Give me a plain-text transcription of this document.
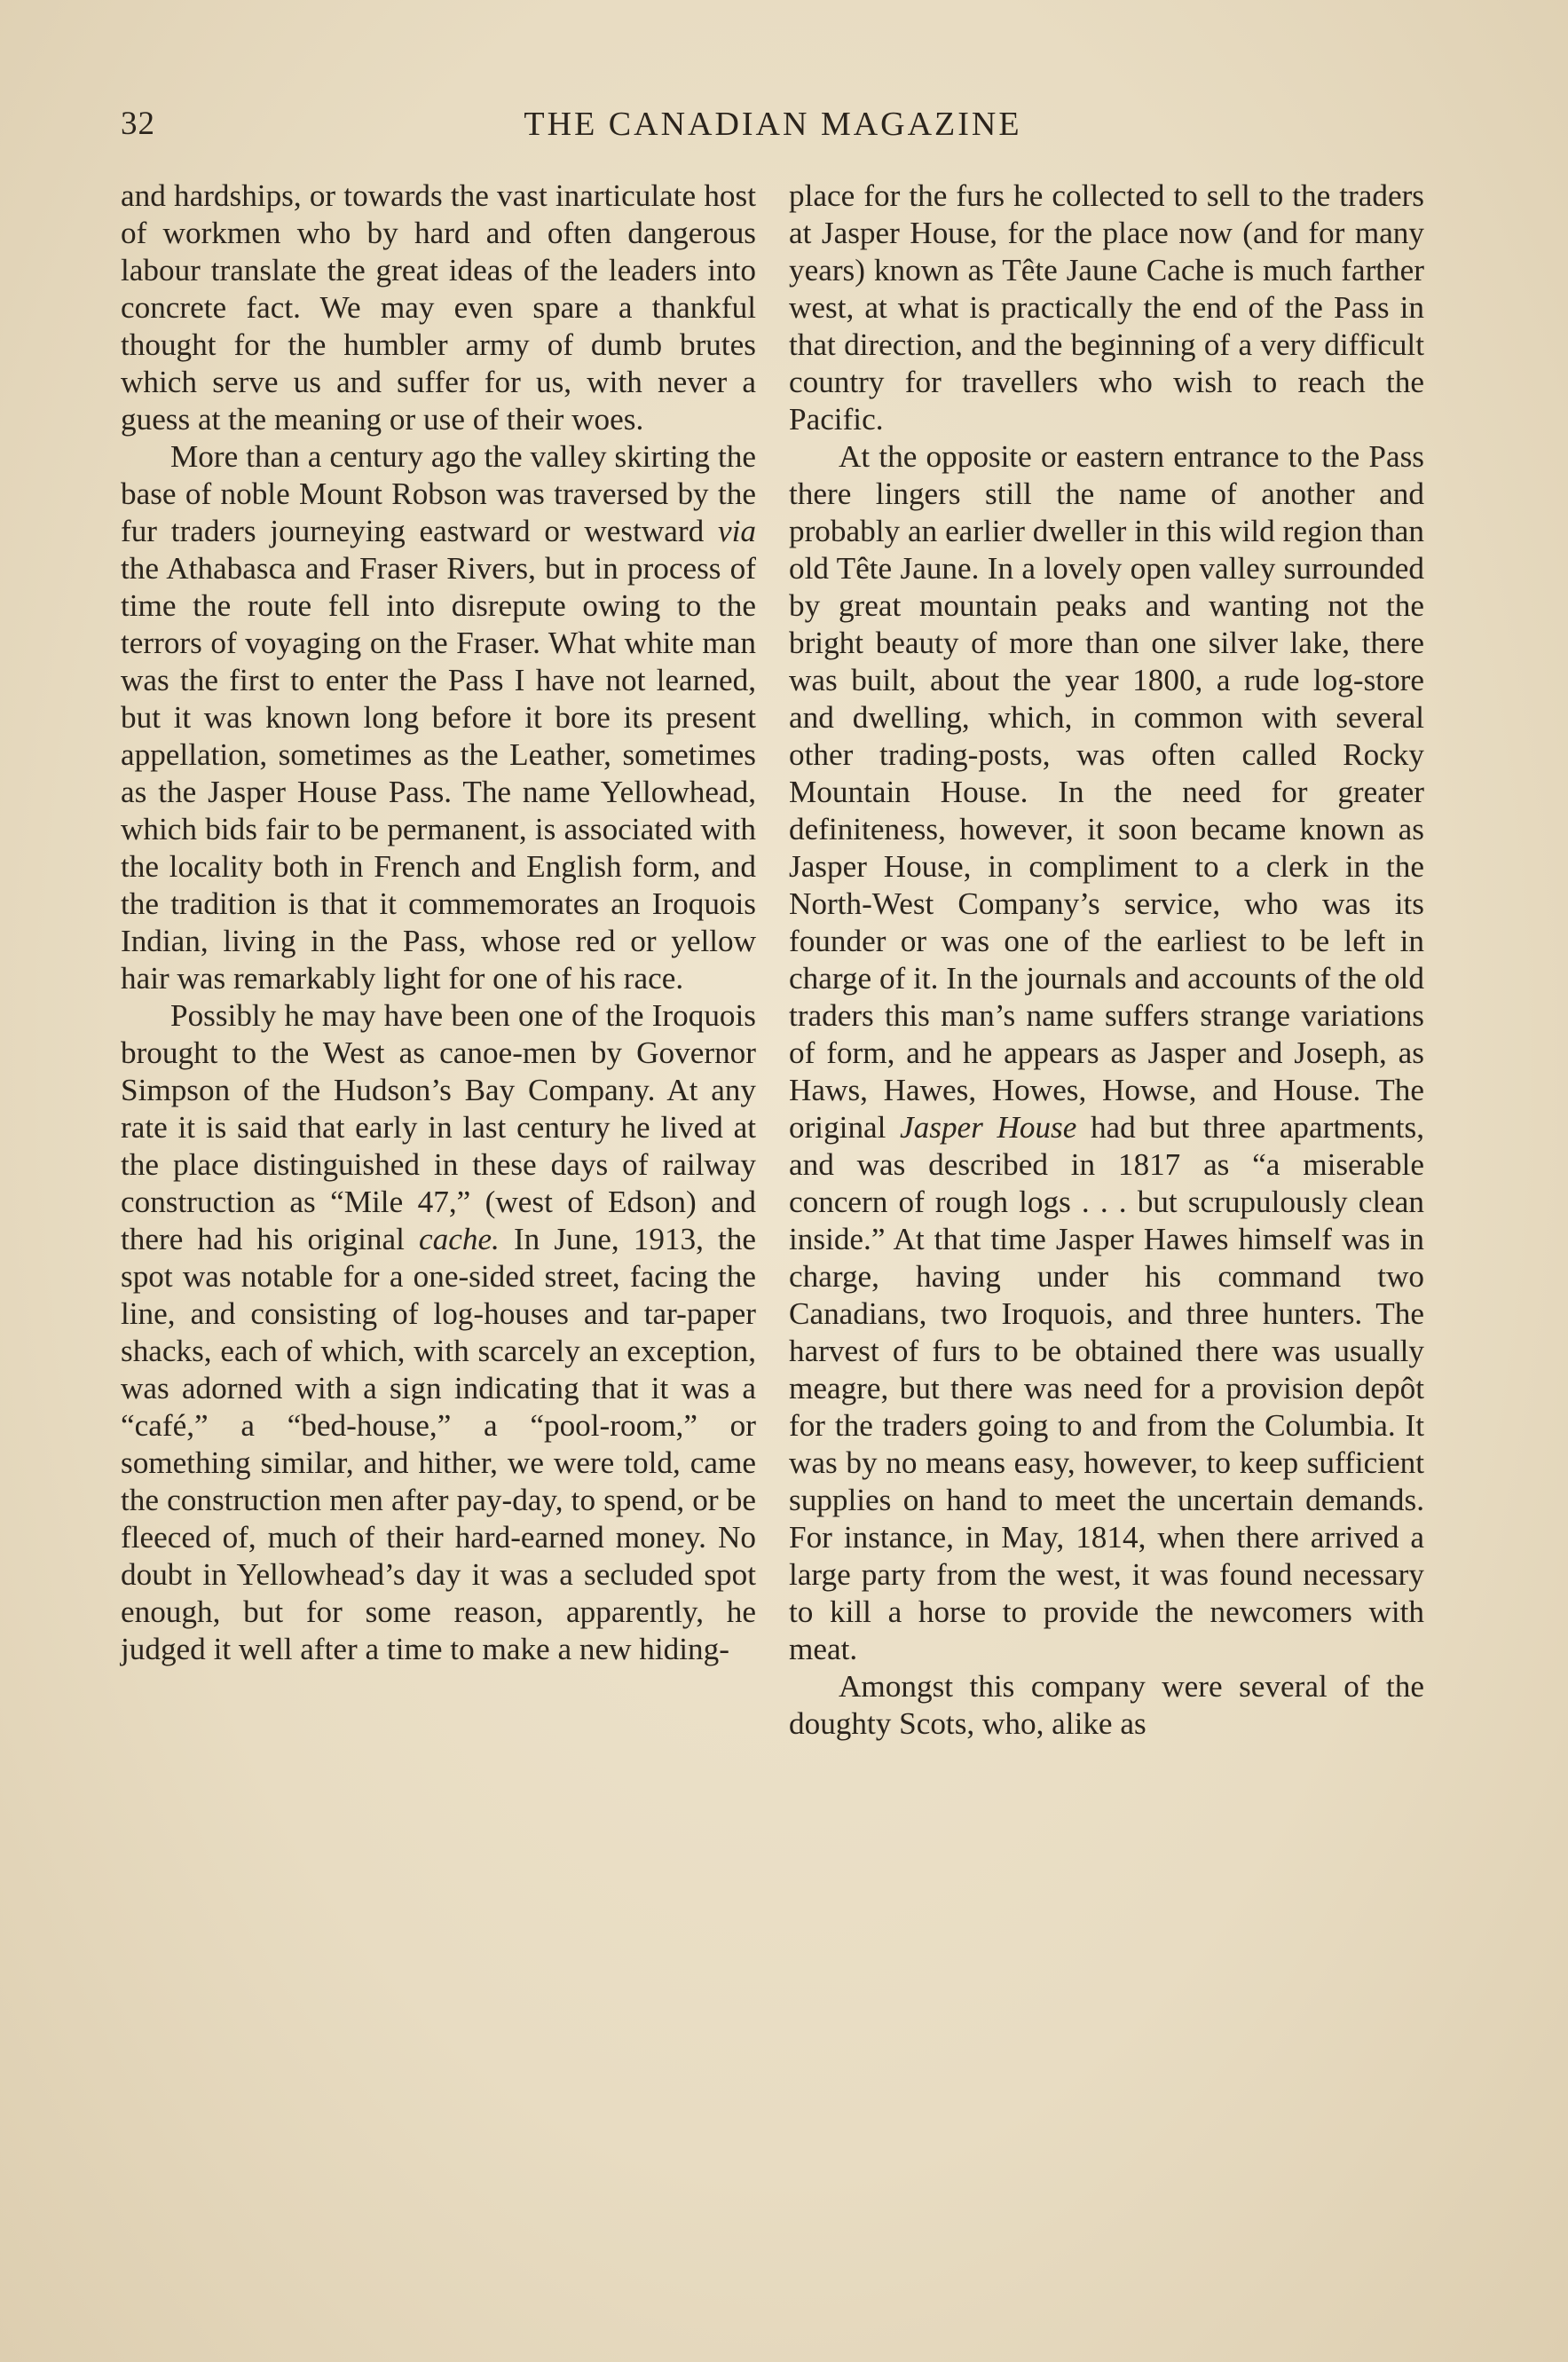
32	THE CANADIAN MAGAZINE

and hardships, or towards the vast inarticulate host of workmen who by hard and often dangerous labour translate the great ideas of the leaders into concrete fact. We may even spare a thankful thought for the humbler army of dumb brutes which serve us and suffer for us, with never a guess at the meaning or use of their woes.

More than a century ago the valley skirting the base of noble Mount Robson was traversed by the fur traders journeying eastward or westward via the Athabasca and Fraser Rivers, but in process of time the route fell into disrepute owing to the terrors of voyaging on the Fraser. What white man was the first to enter the Pass I have not learned, but it was known long before it bore its present appellation, sometimes as the Leather, sometimes as the Jasper House Pass. The name Yellowhead, which bids fair to be permanent, is associated with the locality both in French and English form, and the tradition is that it commemorates an Iroquois Indian, living in the Pass, whose red or yellow hair was remarkably light for one of his race.

Possibly he may have been one of the Iroquois brought to the West as canoe-men by Governor Simpson of the Hudson’s Bay Company. At any rate it is said that early in last century he lived at the place distinguished in these days of railway construction as “Mile 47,” (west of Edson) and there had his original cache. In June, 1913, the spot was notable for a one-sided street, facing the line, and consisting of log-houses and tar-paper shacks, each of which, with scarcely an exception, was adorned with a sign indicating that it was a “café,” a “bed-house,” a “pool-room,” or something similar, and hither, we were told, came the construction men after pay-day, to spend, or be fleeced of, much of their hard-earned money. No doubt in Yellowhead’s day it was a secluded spot enough, but for some reason, apparently, he judged it well after a time to make a new hiding-

place for the furs he collected to sell to the traders at Jasper House, for the place now (and for many years) known as Tête Jaune Cache is much farther west, at what is practically the end of the Pass in that direction, and the beginning of a very difficult country for travellers who wish to reach the Pacific.

At the opposite or eastern entrance to the Pass there lingers still the name of another and probably an earlier dweller in this wild region than old Tête Jaune. In a lovely open valley surrounded by great mountain peaks and wanting not the bright beauty of more than one silver lake, there was built, about the year 1800, a rude log-store and dwelling, which, in common with several other trading-posts, was often called Rocky Mountain House. In the need for greater definiteness, however, it soon became known as Jasper House, in compliment to a clerk in the North-West Company’s service, who was its founder or was one of the earliest to be left in charge of it. In the journals and accounts of the old traders this man’s name suffers strange variations of form, and he appears as Jasper and Joseph, as Haws, Hawes, Howes, Howse, and House. The original Jasper House had but three apartments, and was described in 1817 as “a miserable concern of rough logs . . . but scrupulously clean inside.” At that time Jasper Hawes himself was in charge, having under his command two Canadians, two Iroquois, and three hunters. The harvest of furs to be obtained there was usually meagre, but there was need for a provision depôt for the traders going to and from the Columbia. It was by no means easy, however, to keep sufficient supplies on hand to meet the uncertain demands. For instance, in May, 1814, when there arrived a large party from the west, it was found necessary to kill a horse to provide the newcomers with meat.

Amongst this company were several of the doughty Scots, who, alike as
